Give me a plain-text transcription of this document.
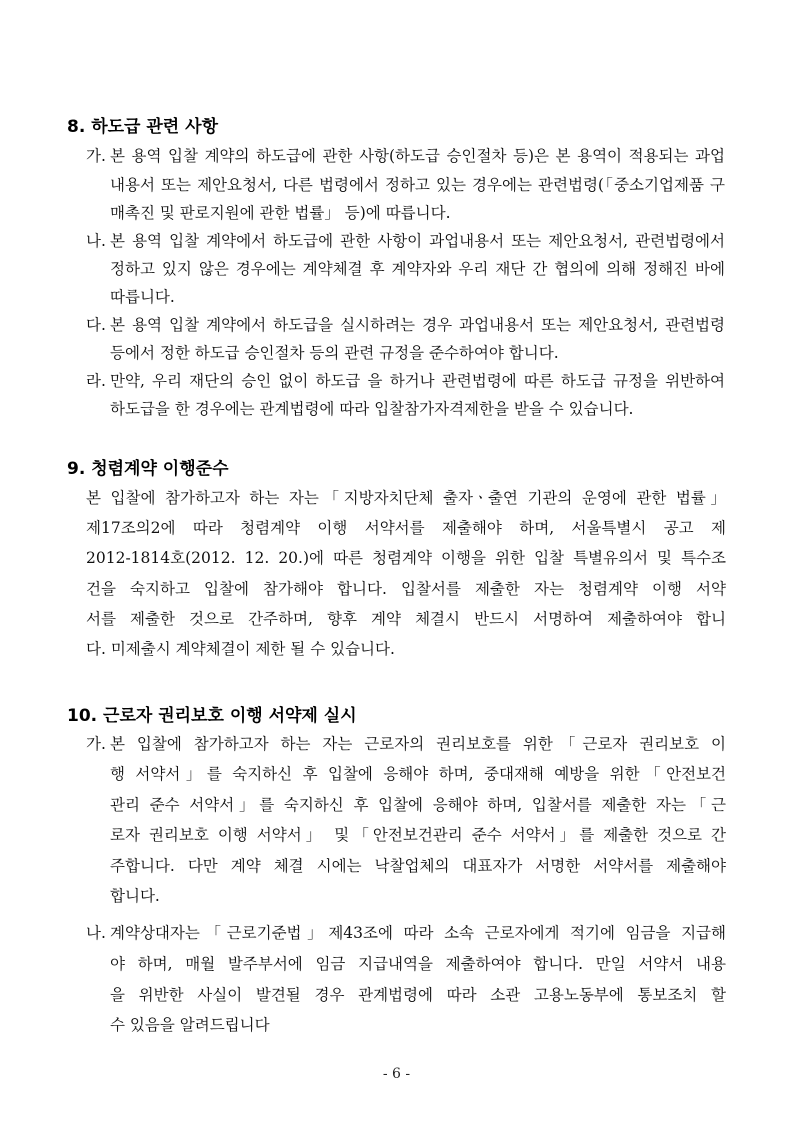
8. 하도급 관련 사항
가. 본 용역 입찰 계약의 하도급에 관한 사항(하도급 승인절차 등)은 본 용역이 적용되는 과업
내용서 또는 제안요청서, 다른 법령에서 정하고 있는 경우에는 관련법령(「중소기업제품 구
매촉진 및 판로지원에 관한 법률」 등)에 따릅니다.
나. 본 용역 입찰 계약에서 하도급에 관한 사항이 과업내용서 또는 제안요청서, 관련법령에서
정하고 있지 않은 경우에는 계약체결 후 계약자와 우리 재단 간 협의에 의해 정해진 바에
따릅니다.
다. 본 용역 입찰 계약에서 하도급을 실시하려는 경우 과업내용서 또는 제안요청서, 관련법령
등에서 정한 하도급 승인절차 등의 관련 규정을 준수하여야 합니다.
라. 만약, 우리 재단의 승인 없이 하도급 을 하거나 관련법령에 따른 하도급 규정을 위반하여
하도급을 한 경우에는 관계법령에 따라 입찰참가자격제한을 받을 수 있습니다.
9. 청렴계약 이행준수
본 입찰에 참가하고자 하는 자는「지방자치단체 출자ㆍ출연 기관의 운영에 관한 법률」
제17조의2에 따라 청렴계약 이행 서약서를 제출해야 하며, 서울특별시 공고 제
2012-1814호(2012. 12. 20.)에 따른 청렴계약 이행을 위한 입찰 특별유의서 및 특수조
건을 숙지하고 입찰에 참가해야 합니다. 입찰서를 제출한 자는 청렴계약 이행 서약
서를 제출한 것으로 간주하며, 향후 계약 체결시 반드시 서명하여 제출하여야 합니
다. 미제출시 계약체결이 제한 될 수 있습니다.
10. 근로자 권리보호 이행 서약제 실시
가. 본 입찰에 참가하고자 하는 자는 근로자의 권리보호를 위한「근로자 권리보호 이
행 서약서」를 숙지하신 후 입찰에 응해야 하며, 중대재해 예방을 위한「안전보건
관리 준수 서약서」를 숙지하신 후 입찰에 응해야 하며, 입찰서를 제출한 자는「근
로자 권리보호 이행 서약서」 및「안전보건관리 준수 서약서」를 제출한 것으로 간
주합니다. 다만 계약 체결 시에는 낙찰업체의 대표자가 서명한 서약서를 제출해야
합니다.
나. 계약상대자는「근로기준법」제43조에 따라 소속 근로자에게 적기에 임금을 지급해
야 하며, 매월 발주부서에 임금 지급내역을 제출하여야 합니다. 만일 서약서 내용
을 위반한 사실이 발견될 경우 관계법령에 따라 소관 고용노동부에 통보조치 할
수 있음을 알려드립니다
- 6 -
